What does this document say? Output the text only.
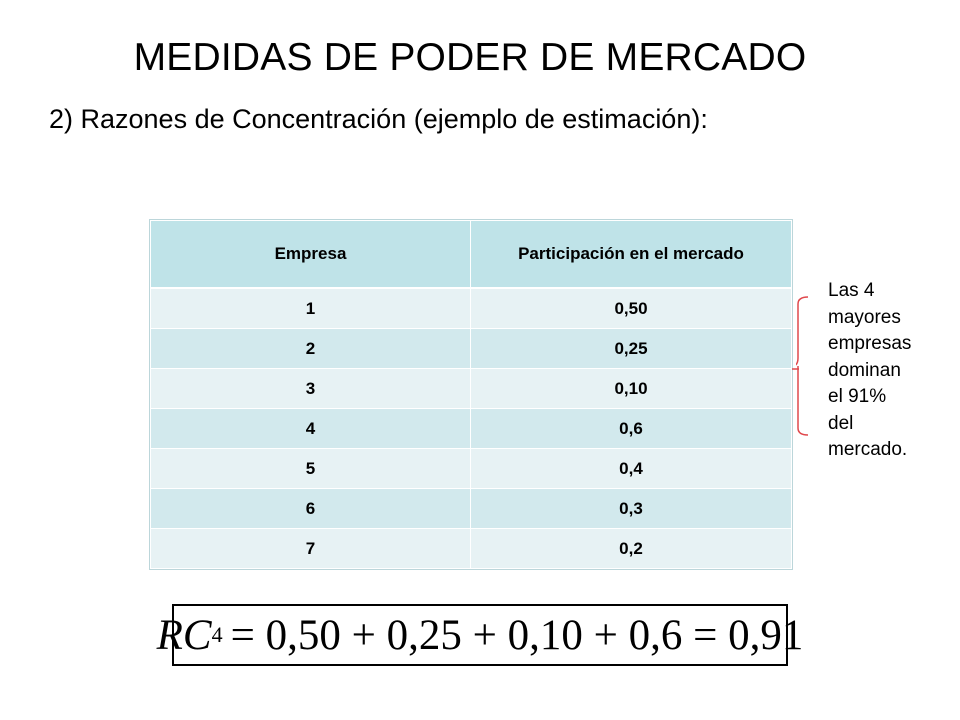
MEDIDAS DE PODER DE MERCADO
2) Razones de Concentración (ejemplo de estimación):
Empresa	Participación en el mercado
1	0,50
2	0,25
3	0,10
4	0,6
5	0,4
6	0,3
7	0,2
Las 4
mayores
empresas
dominan
el 91%
del
mercado.
RC 4 = 0,50 + 0,25 + 0,10 + 0,6 = 0,91
